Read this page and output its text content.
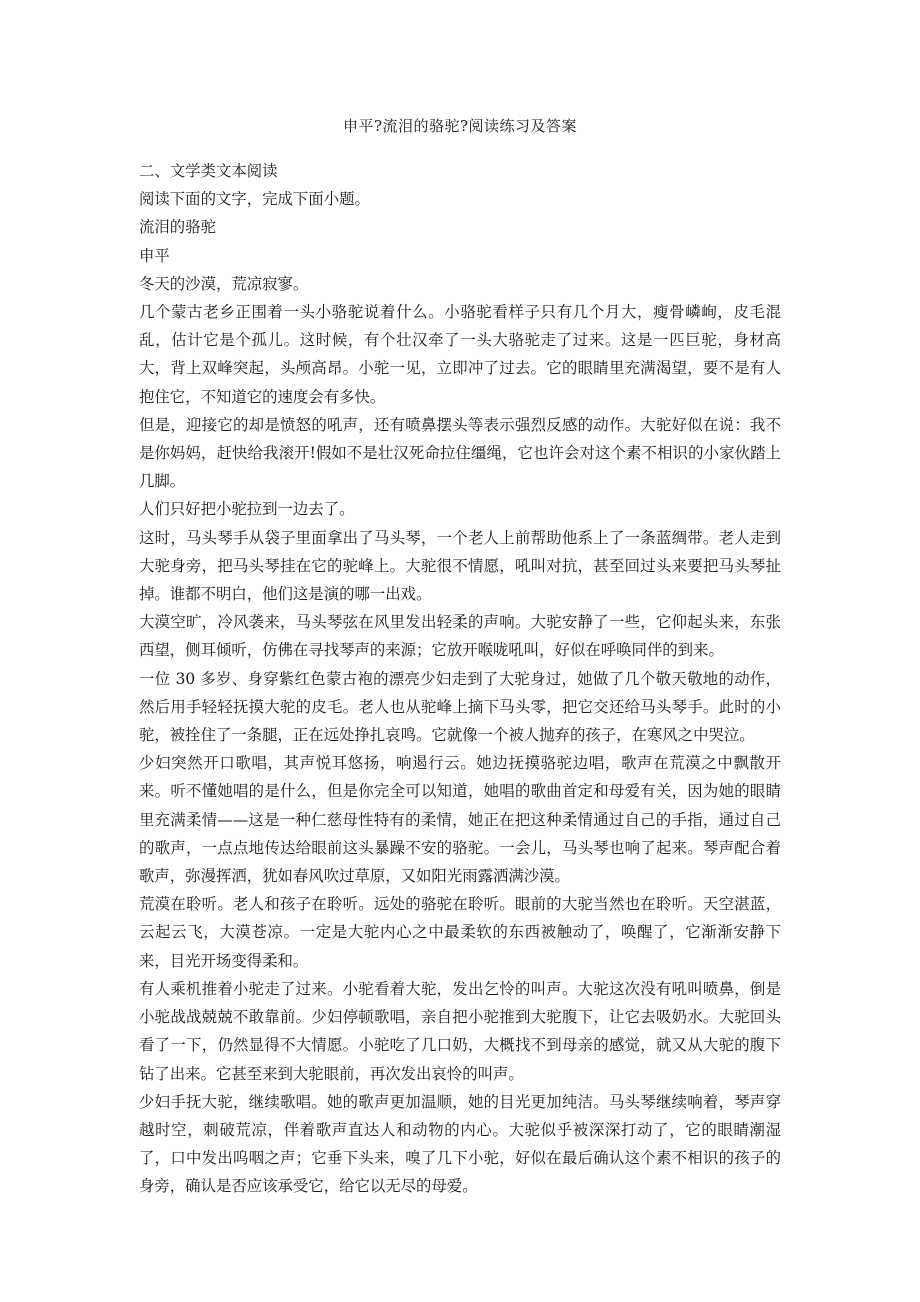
申平?流泪的骆驼?阅读练习及答案

二、文学类文本阅读

阅读下面的文字，完成下面小题。

流泪的骆驼

申平

冬天的沙漠，荒凉寂寥。

几个蒙古老乡正围着一头小骆驼说着什么。小骆驼看样子只有几个月大，瘦骨嶙峋，皮毛混乱，估计它是个孤儿。这时候，有个壮汉牵了一头大骆驼走了过来。这是一匹巨驼，身材高大，背上双峰突起，头颅高昂。小驼一见，立即冲了过去。它的眼睛里充满渴望，要不是有人抱住它，不知道它的速度会有多快。

但是，迎接它的却是愤怒的吼声，还有喷鼻摆头等表示强烈反感的动作。大驼好似在说：我不是你妈妈，赶快给我滚开!假如不是壮汉死命拉住缰绳，它也许会对这个素不相识的小家伙踏上几脚。

人们只好把小驼拉到一边去了。

这时，马头琴手从袋子里面拿出了马头琴，一个老人上前帮助他系上了一条蓝绸带。老人走到大驼身旁，把马头琴挂在它的驼峰上。大驼很不情愿，吼叫对抗，甚至回过头来要把马头琴扯掉。谁都不明白，他们这是演的哪一出戏。

大漠空旷，冷风袭来，马头琴弦在风里发出轻柔的声响。大驼安静了一些，它仰起头来，东张西望，侧耳倾听，仿佛在寻找琴声的来源；它放开喉咙吼叫，好似在呼唤同伴的到来。

一位 30 多岁、身穿紫红色蒙古袍的漂亮少妇走到了大驼身过，她做了几个敬天敬地的动作，然后用手轻轻抚摸大驼的皮毛。老人也从驼峰上摘下马头零，把它交还给马头琴手。此时的小驼，被拴住了一条腿，正在远处挣扎哀鸣。它就像一个被人抛弃的孩子，在寒风之中哭泣。

少妇突然开口歌唱，其声悦耳悠扬，响遏行云。她边抚摸骆驼边唱，歌声在荒漠之中飘散开来。听不懂她唱的是什么，但是你完全可以知道，她唱的歌曲首定和母爱有关，因为她的眼睛里充满柔情——这是一种仁慈母性特有的柔情，她正在把这种柔情通过自己的手指，通过自己的歌声，一点点地传达给眼前这头暴躁不安的骆驼。一会儿，马头琴也响了起来。琴声配合着歌声，弥漫挥洒，犹如春风吹过草原，又如阳光雨露洒满沙漠。

荒漠在聆听。老人和孩子在聆听。远处的骆驼在聆听。眼前的大驼当然也在聆听。天空湛蓝，云起云飞，大漠苍凉。一定是大驼内心之中最柔软的东西被触动了，唤醒了，它渐渐安静下来，目光开场变得柔和。

有人乘机推着小驼走了过来。小驼看着大驼，发出乞怜的叫声。大驼这次没有吼叫喷鼻，倒是小驼战战兢兢不敢靠前。少妇停顿歌唱，亲自把小驼推到大驼腹下，让它去吸奶水。大驼回头看了一下，仍然显得不大情愿。小驼吃了几口奶，大概找不到母亲的感觉，就又从大驼的腹下钻了出来。它甚至来到大驼眼前，再次发出哀怜的叫声。

少妇手抚大驼，继续歌唱。她的歌声更加温顺，她的目光更加纯洁。马头琴继续响着，琴声穿越时空，刺破荒凉，伴着歌声直达人和动物的内心。大驼似乎被深深打动了，它的眼睛潮湿了，口中发出呜咽之声；它垂下头来，嗅了几下小驼，好似在最后确认这个素不相识的孩子的身旁，确认是否应该承受它，给它以无尽的母爱。
